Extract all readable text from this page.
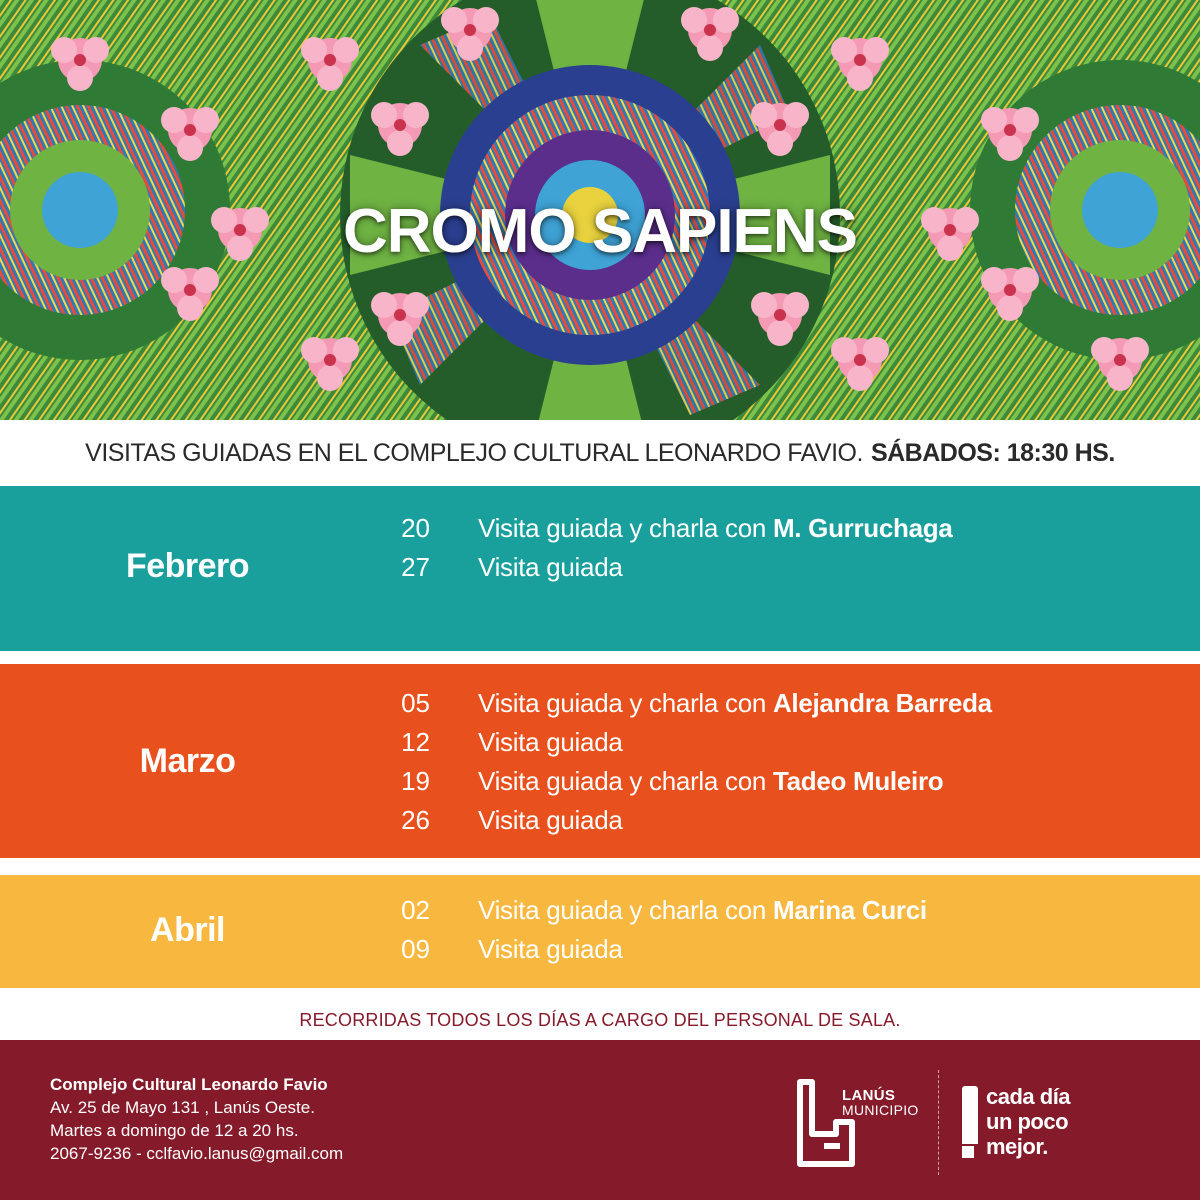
CROMO SAPIENS
VISITAS GUIADAS EN EL COMPLEJO CULTURAL LEONARDO FAVIO. SÁBADOS: 18:30 HS.
Febrero
20 Visita guiada y charla con M. Gurruchaga
27 Visita guiada
Marzo
05 Visita guiada y charla con Alejandra Barreda
12 Visita guiada
19 Visita guiada y charla con Tadeo Muleiro
26 Visita guiada
Abril
02 Visita guiada y charla con Marina Curci
09 Visita guiada
RECORRIDAS TODOS LOS DÍAS A CARGO DEL PERSONAL DE SALA.
Complejo Cultural Leonardo Favio
Av. 25 de Mayo 131 , Lanús Oeste.
Martes a domingo de 12 a 20 hs.
2067-9236 - cclfavio.lanus@gmail.com
LANÚS
MUNICIPIO
cada día
un poco
mejor.
